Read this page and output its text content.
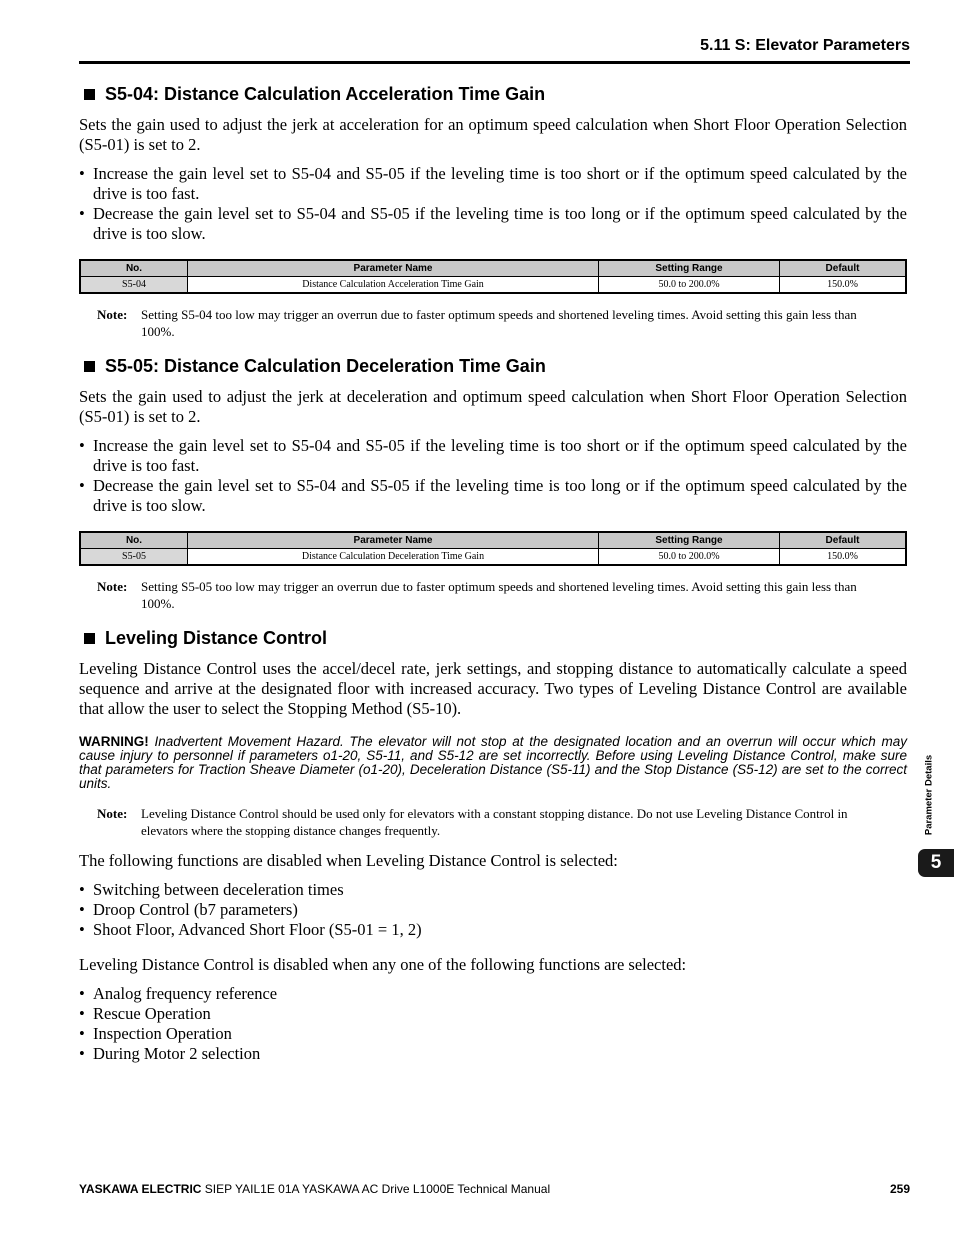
5.11 S: Elevator Parameters
S5-04: Distance Calculation Acceleration Time Gain

Sets the gain used to adjust the jerk at acceleration for an optimum speed calculation when Short Floor Operation Selection (S5-01) is set to 2.

• Increase the gain level set to S5-04 and S5-05 if the leveling time is too short or if the optimum speed calculated by the drive is too fast.
• Decrease the gain level set to S5-04 and S5-05 if the leveling time is too long or if the optimum speed calculated by the drive is too slow.
No.	Parameter Name	Setting Range	Default
S5-04	Distance Calculation Acceleration Time Gain	50.0 to 200.0%	150.0%
Note:	Setting S5-04 too low may trigger an overrun due to faster optimum speeds and shortened leveling times. Avoid setting this gain less than 100%.
S5-05: Distance Calculation Deceleration Time Gain

Sets the gain used to adjust the jerk at deceleration and optimum speed calculation when Short Floor Operation Selection (S5-01) is set to 2.

• Increase the gain level set to S5-04 and S5-05 if the leveling time is too short or if the optimum speed calculated by the drive is too fast.
• Decrease the gain level set to S5-04 and S5-05 if the leveling time is too long or if the optimum speed calculated by the drive is too slow.
No.	Parameter Name	Setting Range	Default
S5-05	Distance Calculation Deceleration Time Gain	50.0 to 200.0%	150.0%
Note:	Setting S5-05 too low may trigger an overrun due to faster optimum speeds and shortened leveling times. Avoid setting this gain less than 100%.
Leveling Distance Control

Leveling Distance Control uses the accel/decel rate, jerk settings, and stopping distance to automatically calculate a speed sequence and arrive at the designated floor with increased accuracy. Two types of Leveling Distance Control are available that allow the user to select the Stopping Method (S5-10).

WARNING! Inadvertent Movement Hazard. The elevator will not stop at the designated location and an overrun will occur which may cause injury to personnel if parameters o1-20, S5-11, and S5-12 are set incorrectly. Before using Leveling Distance Control, make sure that parameters for Traction Sheave Diameter (o1-20), Deceleration Distance (S5-11) and the Stop Distance (S5-12) are set to the correct units.
Note:	Leveling Distance Control should be used only for elevators with a constant stopping distance. Do not use Leveling Distance Control in elevators where the stopping distance changes frequently.

The following functions are disabled when Leveling Distance Control is selected:

• Switching between deceleration times
• Droop Control (b7 parameters)
• Shoot Floor, Advanced Short Floor (S5-01 = 1, 2)

Leveling Distance Control is disabled when any one of the following functions are selected:

• Analog frequency reference
• Rescue Operation
• Inspection Operation
• During Motor 2 selection
Parameter Details
5
YASKAWA ELECTRIC SIEP YAIL1E 01A YASKAWA AC Drive L1000E Technical Manual	259
